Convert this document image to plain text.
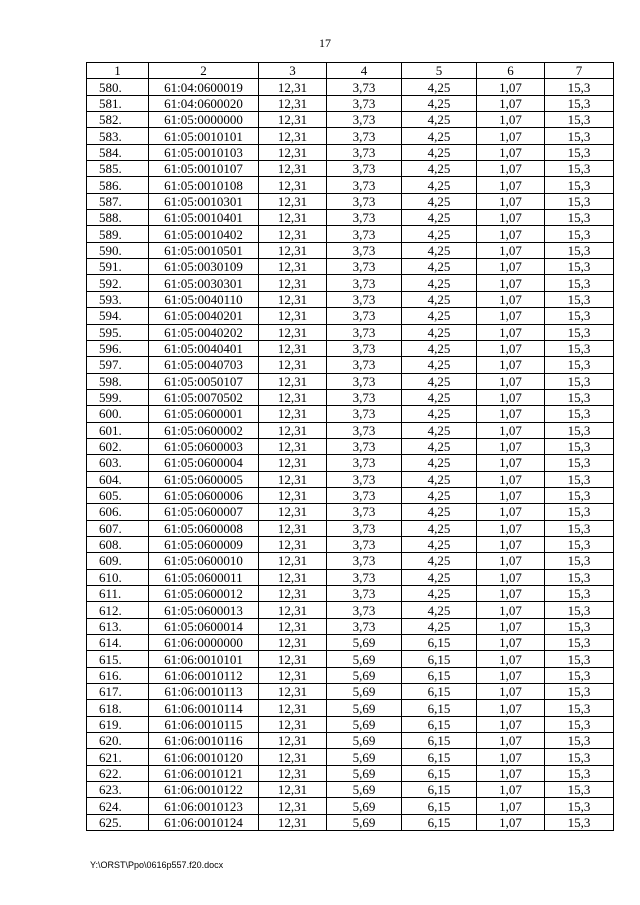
17
1	2	3	4	5	6	7
580.	61:04:0600019	12,31	3,73	4,25	1,07	15,3
581.	61:04:0600020	12,31	3,73	4,25	1,07	15,3
582.	61:05:0000000	12,31	3,73	4,25	1,07	15,3
583.	61:05:0010101	12,31	3,73	4,25	1,07	15,3
584.	61:05:0010103	12,31	3,73	4,25	1,07	15,3
585.	61:05:0010107	12,31	3,73	4,25	1,07	15,3
586.	61:05:0010108	12,31	3,73	4,25	1,07	15,3
587.	61:05:0010301	12,31	3,73	4,25	1,07	15,3
588.	61:05:0010401	12,31	3,73	4,25	1,07	15,3
589.	61:05:0010402	12,31	3,73	4,25	1,07	15,3
590.	61:05:0010501	12,31	3,73	4,25	1,07	15,3
591.	61:05:0030109	12,31	3,73	4,25	1,07	15,3
592.	61:05:0030301	12,31	3,73	4,25	1,07	15,3
593.	61:05:0040110	12,31	3,73	4,25	1,07	15,3
594.	61:05:0040201	12,31	3,73	4,25	1,07	15,3
595.	61:05:0040202	12,31	3,73	4,25	1,07	15,3
596.	61:05:0040401	12,31	3,73	4,25	1,07	15,3
597.	61:05:0040703	12,31	3,73	4,25	1,07	15,3
598.	61:05:0050107	12,31	3,73	4,25	1,07	15,3
599.	61:05:0070502	12,31	3,73	4,25	1,07	15,3
600.	61:05:0600001	12,31	3,73	4,25	1,07	15,3
601.	61:05:0600002	12,31	3,73	4,25	1,07	15,3
602.	61:05:0600003	12,31	3,73	4,25	1,07	15,3
603.	61:05:0600004	12,31	3,73	4,25	1,07	15,3
604.	61:05:0600005	12,31	3,73	4,25	1,07	15,3
605.	61:05:0600006	12,31	3,73	4,25	1,07	15,3
606.	61:05:0600007	12,31	3,73	4,25	1,07	15,3
607.	61:05:0600008	12,31	3,73	4,25	1,07	15,3
608.	61:05:0600009	12,31	3,73	4,25	1,07	15,3
609.	61:05:0600010	12,31	3,73	4,25	1,07	15,3
610.	61:05:0600011	12,31	3,73	4,25	1,07	15,3
611.	61:05:0600012	12,31	3,73	4,25	1,07	15,3
612.	61:05:0600013	12,31	3,73	4,25	1,07	15,3
613.	61:05:0600014	12,31	3,73	4,25	1,07	15,3
614.	61:06:0000000	12,31	5,69	6,15	1,07	15,3
615.	61:06:0010101	12,31	5,69	6,15	1,07	15,3
616.	61:06:0010112	12,31	5,69	6,15	1,07	15,3
617.	61:06:0010113	12,31	5,69	6,15	1,07	15,3
618.	61:06:0010114	12,31	5,69	6,15	1,07	15,3
619.	61:06:0010115	12,31	5,69	6,15	1,07	15,3
620.	61:06:0010116	12,31	5,69	6,15	1,07	15,3
621.	61:06:0010120	12,31	5,69	6,15	1,07	15,3
622.	61:06:0010121	12,31	5,69	6,15	1,07	15,3
623.	61:06:0010122	12,31	5,69	6,15	1,07	15,3
624.	61:06:0010123	12,31	5,69	6,15	1,07	15,3
625.	61:06:0010124	12,31	5,69	6,15	1,07	15,3
Y:\ORST\Ppo\0616p557.f20.docx
